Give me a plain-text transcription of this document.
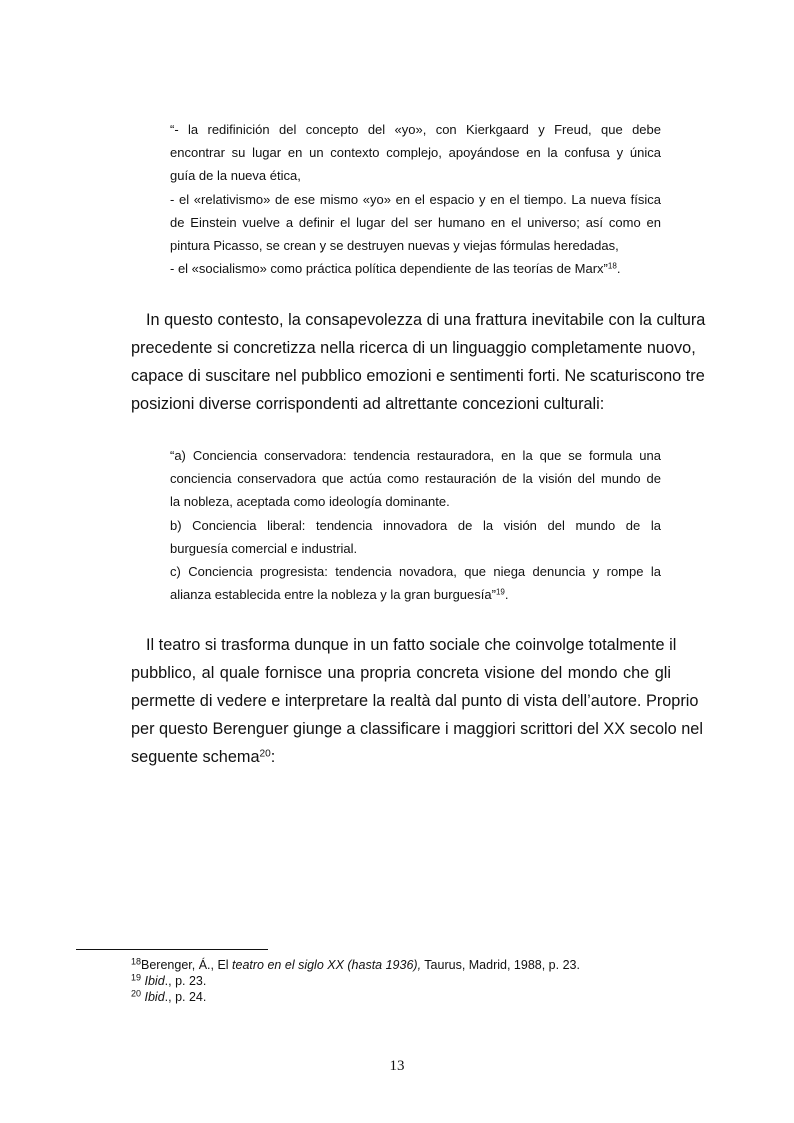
“- la redifinición del concepto del «yo», con Kierkgaard y Freud, que debe
encontrar su lugar en un contexto complejo, apoyándose en la confusa y única
guía de la nueva ética,
- el «relativismo» de ese mismo «yo» en el espacio y en el tiempo. La nueva física
de Einstein vuelve a definir el lugar del ser humano en el universo; así como en
pintura Picasso, se crean y se destruyen nuevas y viejas fórmulas heredadas,
- el «socialismo» como práctica política dependiente de las teorías de Marx”$^{18}$.
In questo contesto, la consapevolezza di una frattura inevitabile con la cultura
precedente si concretizza nella ricerca di un linguaggio completamente nuovo,
capace di suscitare nel pubblico emozioni e sentimenti forti. Ne scaturiscono tre
posizioni diverse corrispondenti ad altrettante concezioni culturali:
“a) Conciencia conservadora: tendencia restauradora, en la que se formula una
conciencia conservadora que actúa como restauración de la visión del mundo de
la nobleza, aceptada como ideología dominante.
b) Conciencia liberal: tendencia innovadora de la visión del mundo de la
burguesía comercial e industrial.
c) Conciencia progresista: tendencia novadora, que niega denuncia y rompe la
alianza establecida entre la nobleza y la gran burguesía”$^{19}$.
Il teatro si trasforma dunque in un fatto sociale che coinvolge totalmente il
pubblico, al quale fornisce una propria concreta visione del mondo che gli
permette di vedere e interpretare la realtà dal punto di vista dell’autore. Proprio
per questo Berenguer giunge a classificare i maggiori scrittori del XX secolo nel
seguente schema$^{20}$:
$^{18}$Berenger, Á., El teatro en el siglo XX (hasta 1936), Taurus, Madrid, 1988, p. 23.
$^{19}$ Ibid., p. 23.
$^{20}$ Ibid., p. 24.
13
